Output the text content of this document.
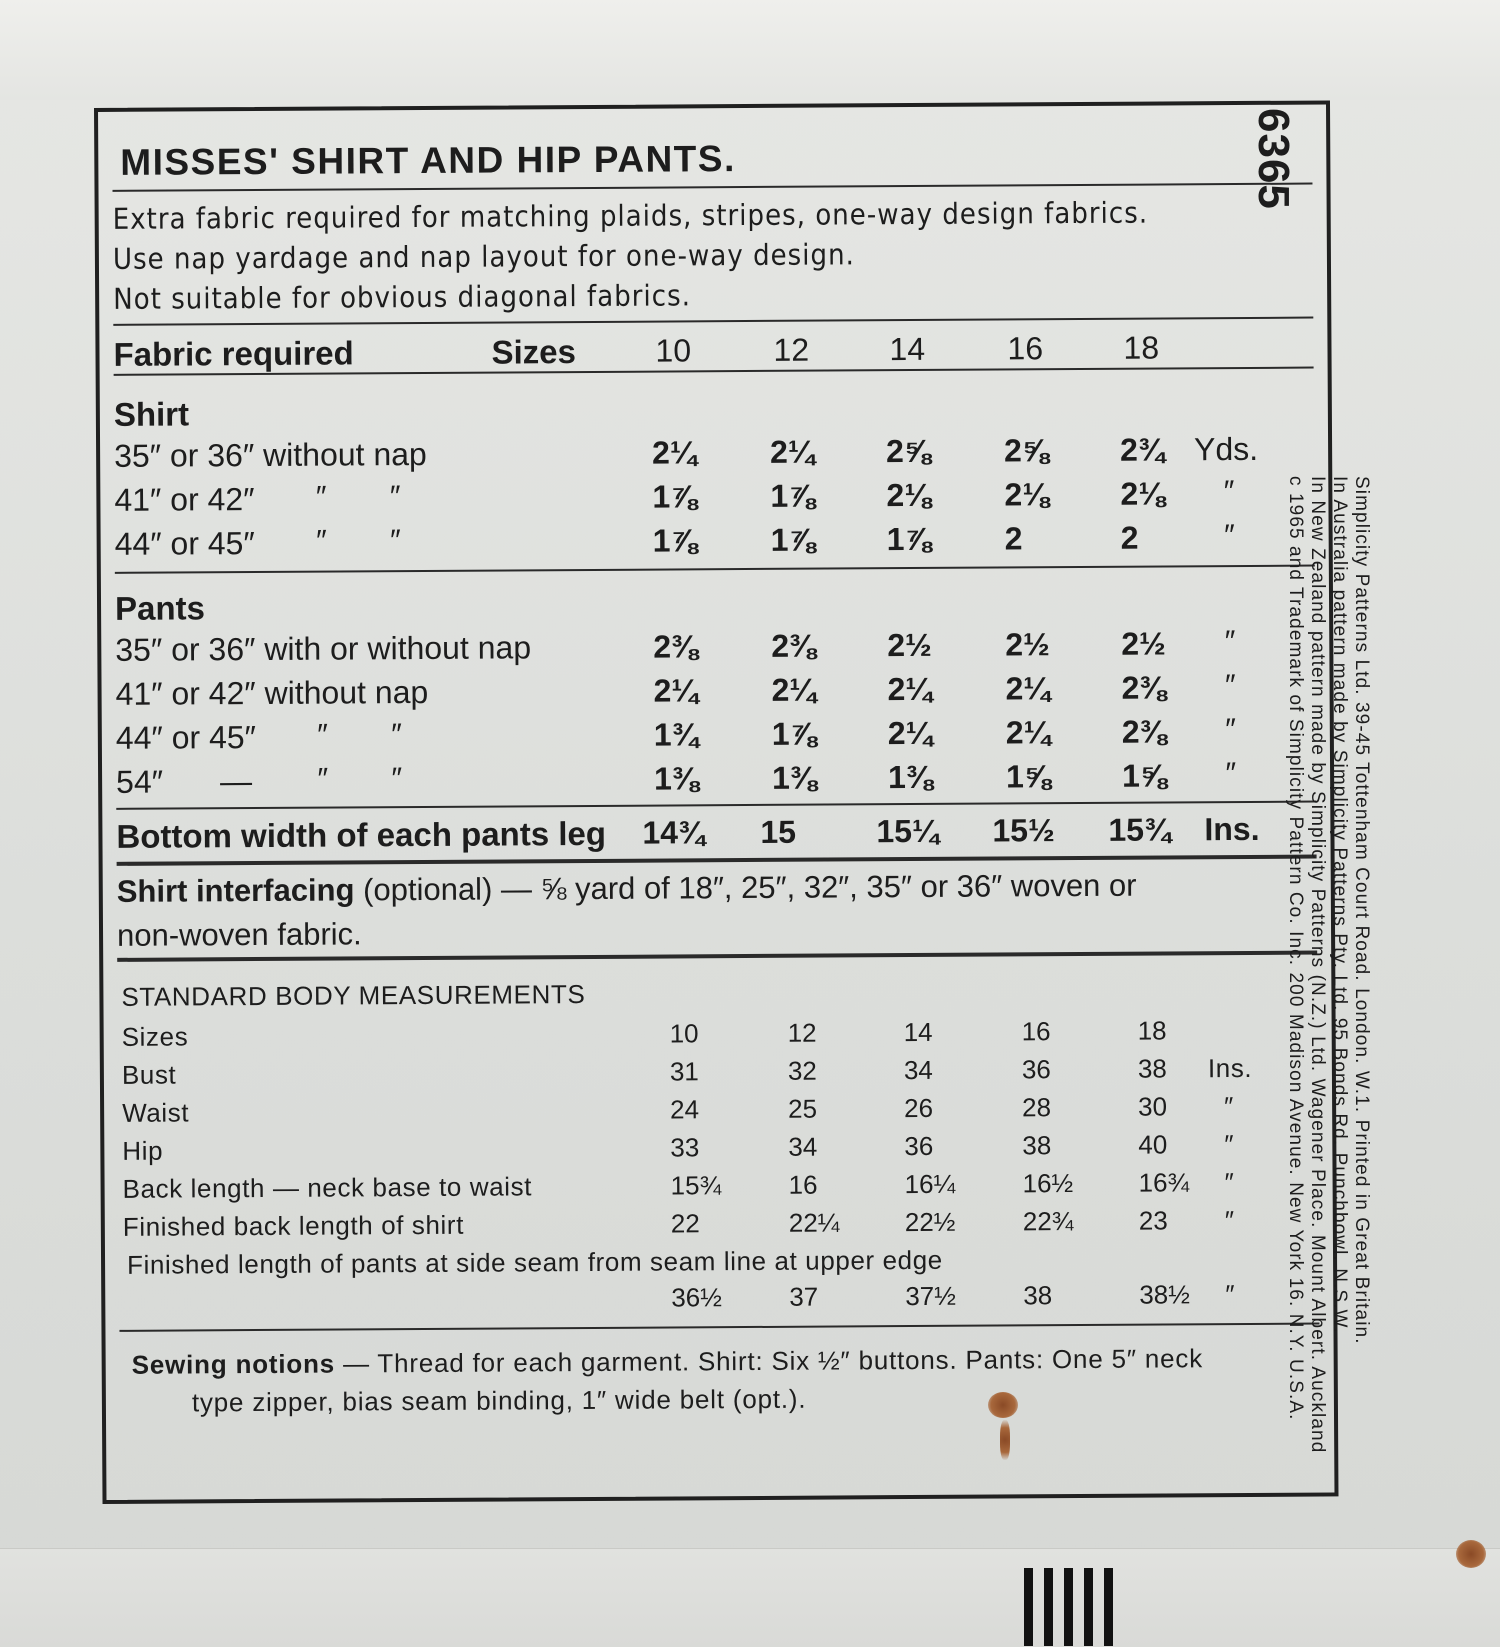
MISSES' SHIRT AND HIP PANTS.
Extra fabric required for matching plaids, stripes, one-way design fabrics.
Use nap yardage and nap layout for one-way design.
Not suitable for obvious diagonal fabrics.
Fabric required	Sizes 10	12	14	16	18
Shirt
35″ or 36″ without nap	2¼	2¼	2⅝	2⅝	2¾ Yds.
41″ or 42″ ″ ″	1⅞	1⅞	2⅛	2⅛	2⅛	″
44″ or 45″ ″ ″	1⅞	1⅞	1⅞	2	2	″
Pants
35″ or 36″ with or without nap	2⅜	2⅜	2½	2½	2½	″
41″ or 42″ without nap	2¼	2¼	2¼	2¼	2⅜	″
44″ or 45″ ″ ″	1¾	1⅞	2¼	2¼	2⅜	″
54″ — ″ ″	1⅜	1⅜	1⅜	1⅝	1⅝	″
Bottom width of each pants leg 14¾	15	15¼	15½	15¾	Ins.
Shirt interfacing (optional) — ⅝ yard of 18″, 25″, 32″, 35″ or 36″ woven or
non-woven fabric.
STANDARD BODY MEASUREMENTS
Sizes	10	12	14	16	18
Bust	31	32	34	36	38	Ins.
Waist	24	25	26	28	30	″
Hip	33	34	36	38	40	″
Back length — neck base to waist	15¾	16	16¼	16½	16¾	″
Finished back length of shirt	22	22¼	22½	22¾	23	″
Finished length of pants at side seam from seam line at upper edge
36½	37	37½	38	38½	″
Sewing notions — Thread for each garment. Shirt: Six ½″ buttons. Pants: One 5″ neck
type zipper, bias seam binding, 1″ wide belt (opt.).
6365
Simplicity Patterns Ltd. 39-45 Tottenham Court Road. London. W.1. Printed in Great Britain.
In Australia pattern made by Simplicity Patterns Pty. Ltd. 95 Bonds Rd. Punchbowl. N.S.W.
In New Zealand pattern made by Simplicity Patterns (N.Z.) Ltd. Wagener Place. Mount Albert. Auckland
c 1965 and Trademark of Simplicity Pattern Co. Inc. 200 Madison Avenue. New York 16. N.Y. U.S.A.
